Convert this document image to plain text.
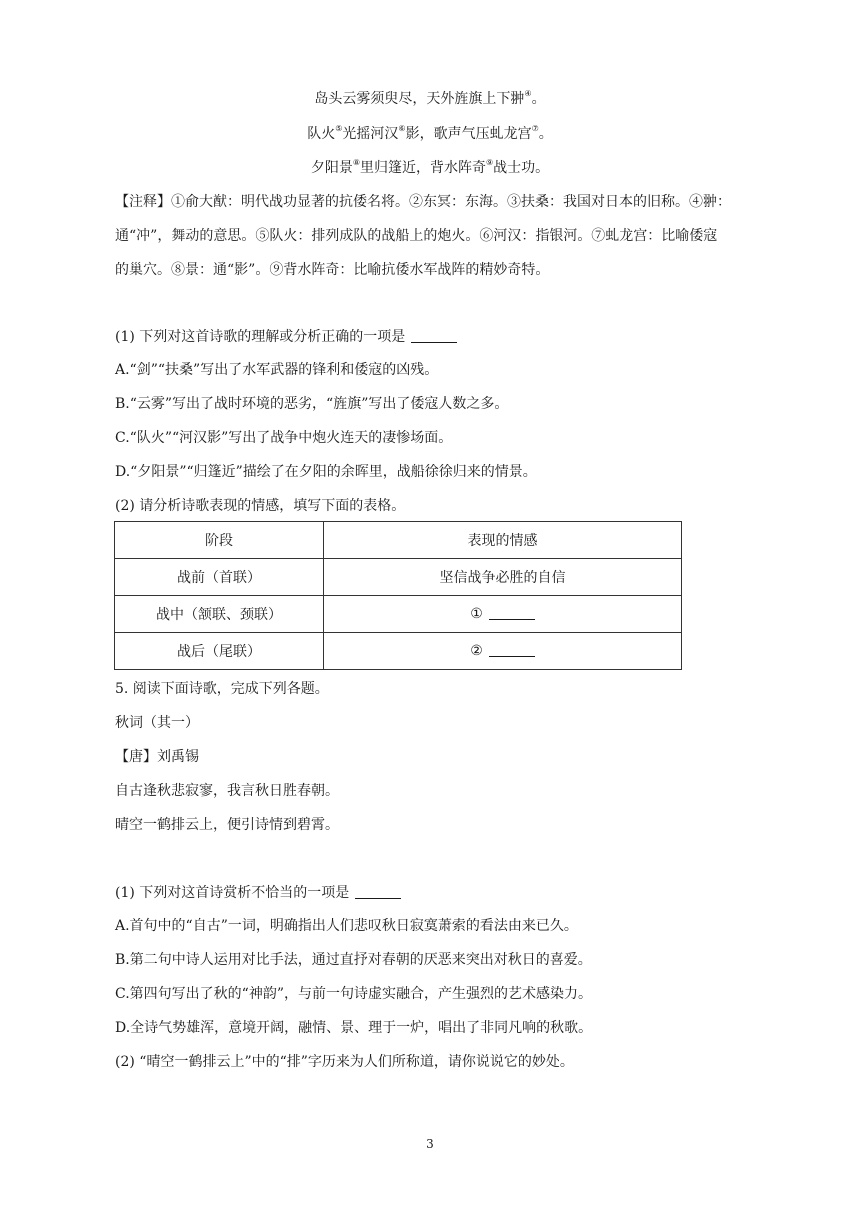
岛头云雾须臾尽，天外旌旗上下翀④。
队火⑤光摇河汉⑥影，歌声气压虬龙宫⑦。
夕阳景⑧里归篷近，背水阵奇⑨战士功。
【注释】①俞大猷：明代战功显著的抗倭名将。②东冥：东海。③扶桑：我国对日本的旧称。④翀：
通“冲”，舞动的意思。⑤队火：排列成队的战船上的炮火。⑥河汉：指银河。⑦虬龙宫：比喻倭寇
的巢穴。⑧景：通“影”。⑨背水阵奇：比喻抗倭水军战阵的精妙奇特。
(1) 下列对这首诗歌的理解或分析正确的一项是
A.“剑”“扶桑”写出了水军武器的锋利和倭寇的凶残。
B.“云雾”写出了战时环境的恶劣，“旌旗”写出了倭寇人数之多。
C.“队火”“河汉影”写出了战争中炮火连天的凄惨场面。
D.“夕阳景”“归篷近”描绘了在夕阳的余晖里，战船徐徐归来的情景。
(2) 请分析诗歌表现的情感，填写下面的表格。
阶段	表现的情感
战前（首联）	坚信战争必胜的自信
战中（颔联、颈联）	①
战后（尾联）	②
5. 阅读下面诗歌，完成下列各题。
秋词（其一）
【唐】刘禹锡
自古逢秋悲寂寥，我言秋日胜春朝。
晴空一鹤排云上，便引诗情到碧霄。
(1) 下列对这首诗赏析不恰当的一项是
A.首句中的“自古”一词，明确指出人们悲叹秋日寂寞萧索的看法由来已久。
B.第二句中诗人运用对比手法，通过直抒对春朝的厌恶来突出对秋日的喜爱。
C.第四句写出了秋的“神韵”，与前一句诗虚实融合，产生强烈的艺术感染力。
D.全诗气势雄浑，意境开阔，融情、景、理于一炉，唱出了非同凡响的秋歌。
(2) “晴空一鹤排云上”中的“排”字历来为人们所称道，请你说说它的妙处。
3
